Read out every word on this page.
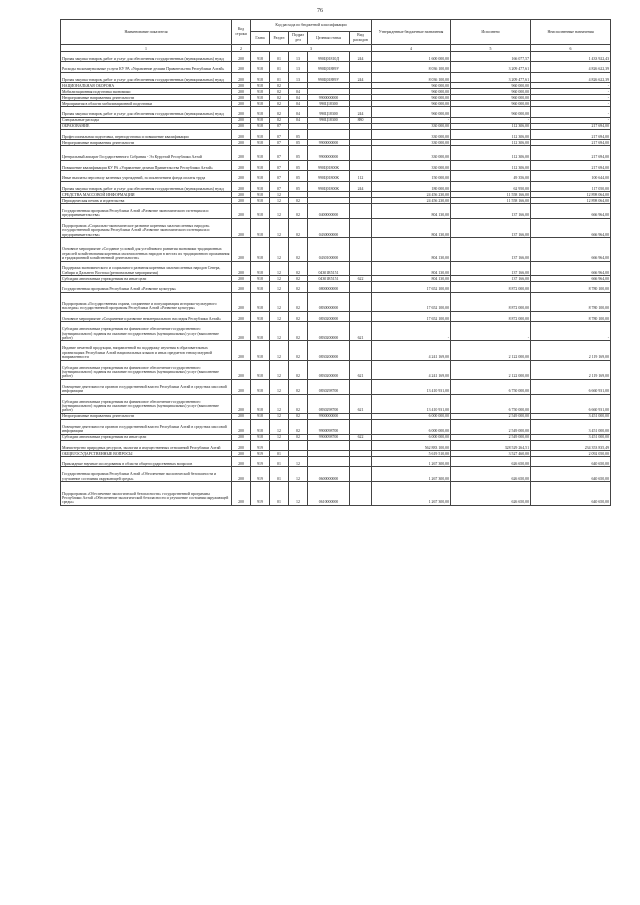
76
Наименование показателя	Код строки	Код расхода по бюджетной классификации					Утвержденные бюджетные назначения	Исполнено	Неисполненные назначения
		Главa	Раздел	Подраз дел	Целевая статья	Вид расходов			
1	2	3					4	5	6
Прочая закупка товаров, работ и услуг для обеспечения государственных (муниципальных) нужд	200	918	01	13	990Ц01810Д	244	1 600 000,00	166 077,57	1 433 922,43
Расходы на коммунальные услуги КУ РА «Управление делами Правительства Республики Алтай»	200	918	01	13	990Ц01889У		8 036 100,00	3 209 477,61	4 826 622,39
Прочая закупка товаров, работ и услуг для обеспечения государственных (муниципальных) нужд	200	918	01	13	990Ц01889У	244	8 036 100,00	3 209 477,61	4 826 622,39
НАЦИОНАЛЬНАЯ ОБОРОНА	200	918	02				960 000,00	960 000,00	-
Мобилизационная подготовка экономики	200	918	02	04			960 000,00	960 000,00	-
Непрограммные направления деятельности	200	918	02	04	9900000000		960 000,00	960 000,00	-
Мероприятия в области мобилизационной подготовки	200	918	02	04	990Ц18300		960 000,00	960 000,00	-
Прочая закупка товаров, работ и услуг для обеспечения государственных (муниципальных) нужд	200	918	02	04	990Ц18300	244	960 000,00	960 000,00	-
Специальные расходы	200	918	02	04	990Ц18300	880	-	-	-
ОБРАЗОВАНИЕ	200	918	07				330 000,00	112 306,00	217 694,00
Профессиональная подготовка, переподготовка и повышение квалификации	200	918	07	05			330 000,00	112 306,00	217 694,00
Непрограммные направления деятельности	200	918	07	05	9900000000		330 000,00	112 306,00	217 694,00
Центральный аппарат Государственного Собрания - Эл Курултай Республики Алтай	200	918	07	05	9900000000		330 000,00	112 306,00	217 694,00
Повышение квалификации КУ РА «Управление делами Правительства Республики Алтай»	200	918	07	05	990Ц01800К		330 000,00	112 306,00	217 694,00
Иные выплаты персоналу казенных учреждений, за исключением фонда оплаты труда	200	918	07	05	990Ц01800К	112	150 000,00	49 356,00	100 644,00
Прочая закупка товаров, работ и услуг для обеспечения государственных (муниципальных) нужд	200	918	07	05	990Ц01800К	244	180 000,00	62 950,00	117 050,00
СРЕДСТВА МАССОВОЙ ИНФОРМАЦИИ	200	918	12				24 456 230,00	11 558 166,00	12 898 064,00
Периодическая печать и издательства	200	918	12	02			24 456 230,00	11 558 166,00	12 898 064,00
Государственная программа Республики Алтай «Развитие экономического потенциала и предпринимательства»	200	918	12	02	0400000000		804 130,00	137 166,00	666 964,00
Подпрограмма «Социально-экономическое развитие коренных малочисленных народов» государственной программы Республики Алтай «Развитие экономического потенциала и предпринимательства»	200	918	12	02	0430000000		804 130,00	137 166,00	666 964,00
Основное мероприятие «Создание условий для устойчивого развития экономики традиционных отраслей хозяйствования коренных малочисленных народов в местах их традиционного проживания и традиционной хозяйственной деятельности»	200	918	12	02	0430100000		804 130,00	137 166,00	666 964,00
Поддержка экономического и социального развития коренных малочисленных народов Севера, Сибири и Дальнего Востока (региональные мероприятия)	200	918	12	02	04301R5151		804 130,00	137 166,00	666 964,00
Субсидии автономным учреждениям на иные цели	200	918	12	02	04301R5151	622	804 130,00	137 166,00	666 964,00
Государственная программа Республики Алтай «Развитие культуры»	200	918	12	02	0800000000		17 652 100,00	8 872 000,00	8 780 100,00
Подпрограмма «Государственная охрана, сохранение и популяризация историко-культурного наследия» государственной программы Республики Алтай «Развитие культуры»	200	918	12	02	0830000000		17 652 100,00	8 872 000,00	8 780 100,00
Основное мероприятие «Сохранение и развитие нематериального наследия Республики Алтай»	200	918	12	02	0830200000		17 652 100,00	8 872 000,00	8 780 100,00
Субсидии автономным учреждениям на финансовое обеспечение государственного (муниципального) задания на оказание государственных (муниципальных) услуг (выполнение работ)	200	918	12	02	0830200000	621	-	-	-
Издание печатной продукции, направленной на поддержку изучения в образовательных организациях Республики Алтай национальных языков и иных предметов этнокультурной направленности	200	918	12	02	0830200000		4 241 169,00	2 122 000,00	2 119 169,00
Субсидии автономным учреждениям на финансовое обеспечение государственного (муниципального) задания на оказание государственных (муниципальных) услуг (выполнение работ)	200	918	12	02	0830200000	621	4 241 169,00	2 122 000,00	2 119 169,00
Освещение деятельности органов государственной власти Республики Алтай в средствах массовой информации	200	918	12	02	0830298700		13 410 931,00	6 750 000,00	6 660 931,00
Субсидии автономным учреждениям на финансовое обеспечение государственного (муниципального) задания на оказание государственных (муниципальных) услуг (выполнение работ)	200	918	12	02	0830298700	621	13 410 931,00	6 750 000,00	6 660 931,00
Непрограммные направления деятельности	200	918	12	02	9900000000		6 000 000,00	2 549 000,00	3 451 000,00
Освещение деятельности органов государственной власти Республики Алтай в средствах массовой информации	200	918	12	02	9900098700		6 000 000,00	2 549 000,00	3 451 000,00
Субсидии автономным учреждениям на иные цели	200	918	12	02	9900098700	622	6 000 000,00	2 549 000,00	3 451 000,00
Министерство природных ресурсов, экологии и имущественных отношений Республики Алтай	200	919					562 883 100,00	328 529 264,51	234 353 835,49
ОБЩЕГОСУДАРСТВЕННЫЕ ВОПРОСЫ	200	919	01				5 619 510,00	3 527 460,00	2 092 050,00
Прикладные научные исследования в области общегосударственных вопросов	200	919	01	12			1 267 300,00	626 650,00	640 650,00
Государственная программа Республики Алтай «Обеспечение экологической безопасности и улучшение состояния окружающей среды»	200	919	01	12	0600000000		1 267 300,00	626 650,00	640 650,00
Подпрограмма «Обеспечение экологической безопасности» государственной программы Республики Алтай «Обеспечение экологической безопасности и улучшение состояния окружающей среды»	200	919	01	12	0610000000		1 267 300,00	626 650,00	640 650,00
